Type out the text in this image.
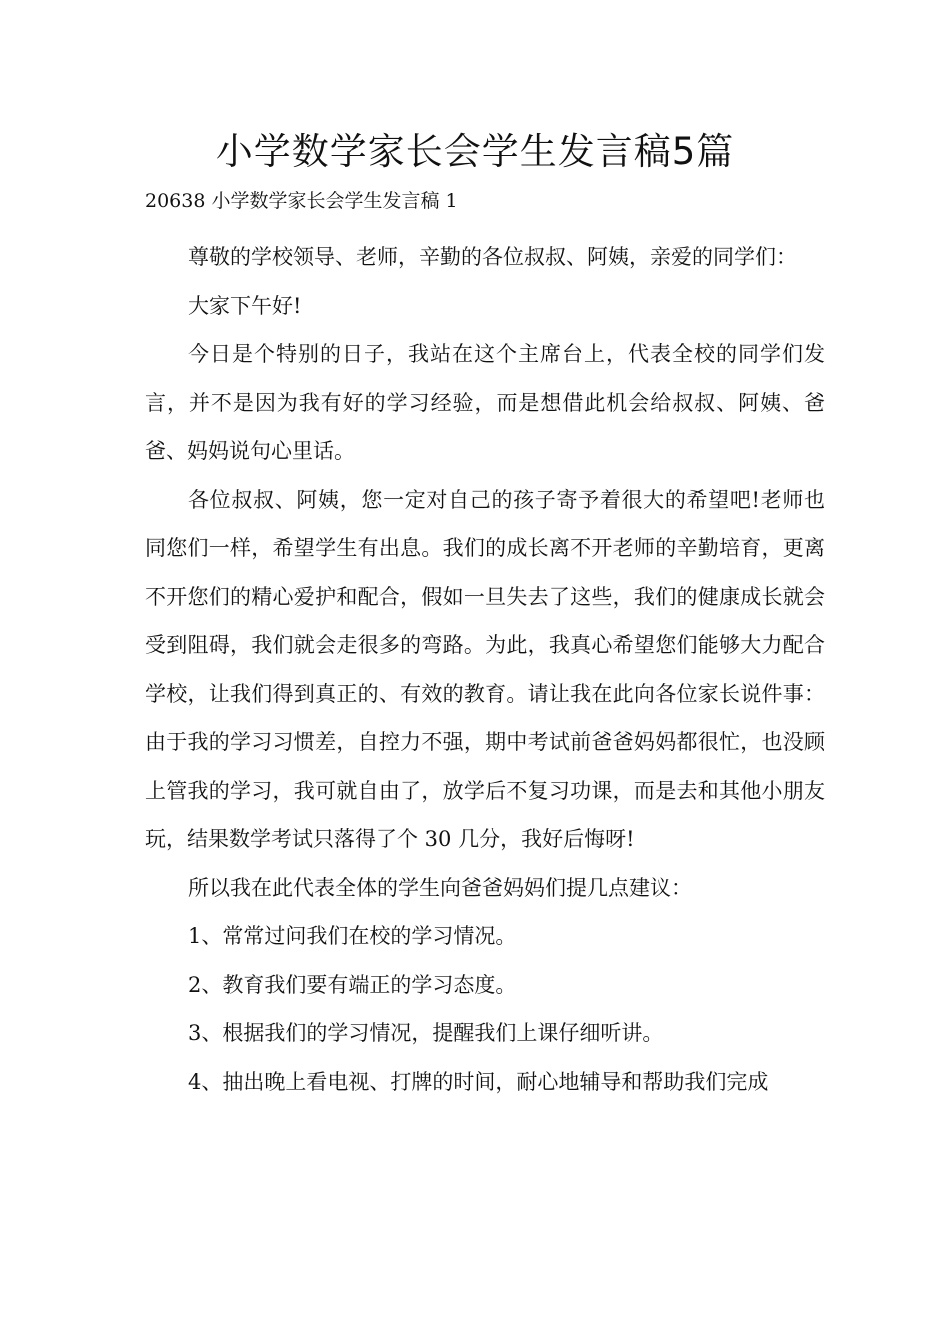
小学数学家长会学生发言稿5篇

20638 小学数学家长会学生发言稿 1

尊敬的学校领导、老师，辛勤的各位叔叔、阿姨，亲爱的同学们：

大家下午好!

今日是个特别的日子，我站在这个主席台上，代表全校的同学们发言，并不是因为我有好的学习经验，而是想借此机会给叔叔、阿姨、爸爸、妈妈说句心里话。

各位叔叔、阿姨，您一定对自己的孩子寄予着很大的希望吧!老师也同您们一样，希望学生有出息。我们的成长离不开老师的辛勤培育，更离不开您们的精心爱护和配合，假如一旦失去了这些，我们的健康成长就会受到阻碍，我们就会走很多的弯路。为此，我真心希望您们能够大力配合学校，让我们得到真正的、有效的教育。请让我在此向各位家长说件事：由于我的学习习惯差，自控力不强，期中考试前爸爸妈妈都很忙，也没顾上管我的学习，我可就自由了，放学后不复习功课，而是去和其他小朋友玩，结果数学考试只落得了个 30 几分，我好后悔呀!

所以我在此代表全体的学生向爸爸妈妈们提几点建议：

1、常常过问我们在校的学习情况。

2、教育我们要有端正的学习态度。

3、根据我们的学习情况，提醒我们上课仔细听讲。

4、抽出晚上看电视、打牌的时间，耐心地辅导和帮助我们完成
